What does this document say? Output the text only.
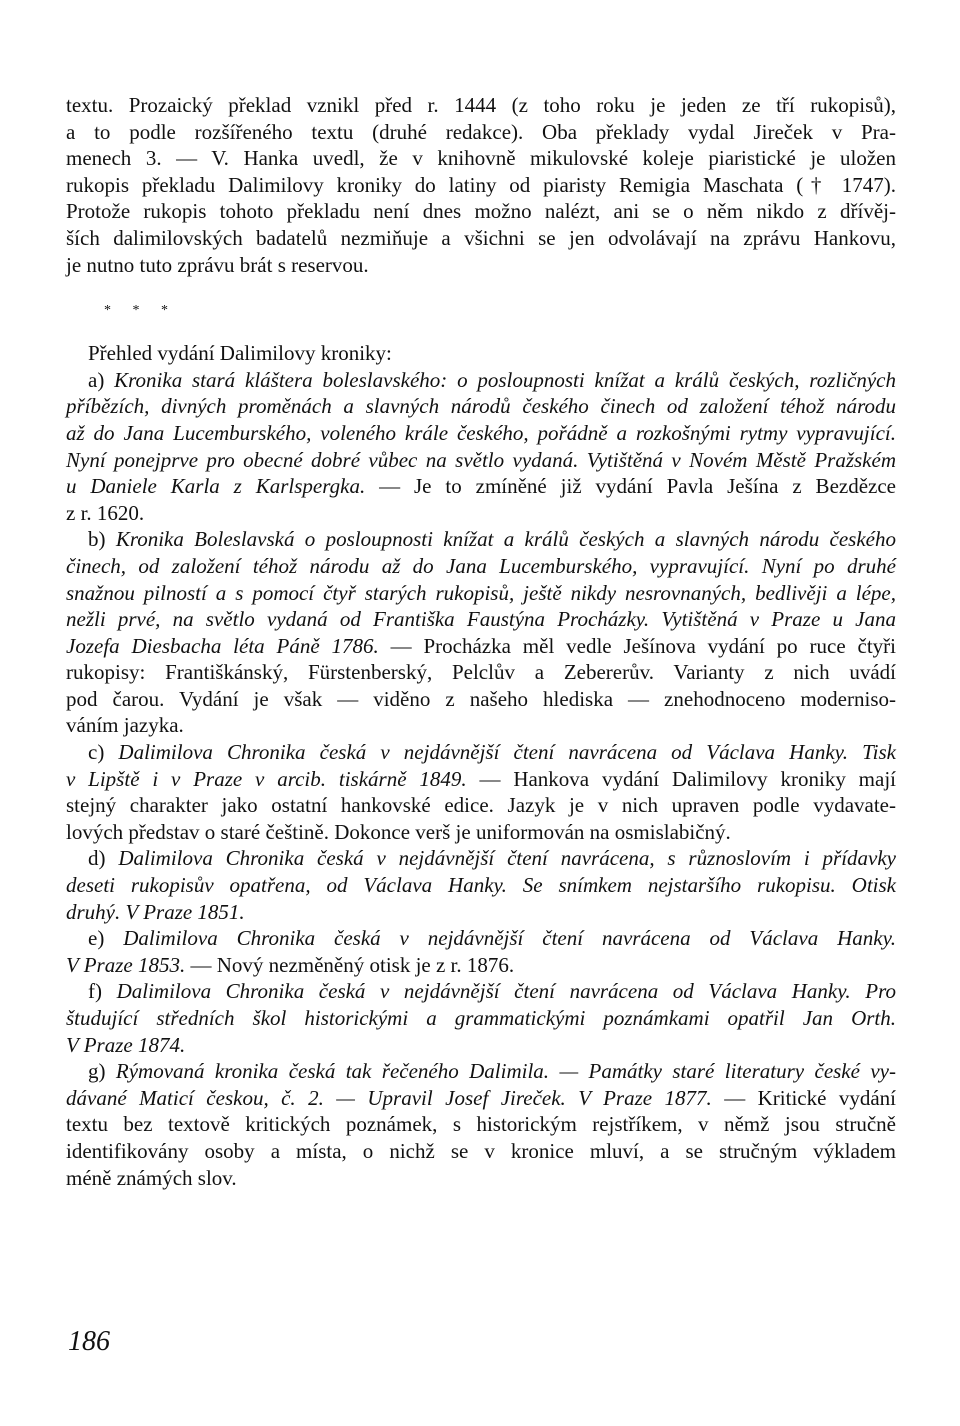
textu. Prozaický překlad vznikl před r. 1444 (z toho roku je jeden ze tří rukopisů),
a to podle rozšířeného textu (druhé redakce). Oba překlady vydal Jireček v Pra-
menech 3. — V. Hanka uvedl, že v knihovně mikulovské koleje piaristické je uložen
rukopis překladu Dalimilovy kroniky do latiny od piaristy Remigia Maschata († 1747).
Protože rukopis tohoto překladu není dnes možno nalézt, ani se o něm nikdo z dřívěj-
ších dalimilovských badatelů nezmiňuje a všichni se jen odvolávají na zprávu Hankovu,
je nutno tuto zprávu brát s reservou.
* * *
Přehled vydání Dalimilovy kroniky:
a) Kronika stará kláštera boleslavského: o posloupnosti knížat a králů českých, rozličných
příbězích, divných proměnách a slavných národů českého činech od založení téhož národu
až do Jana Lucemburského, voleného krále českého, pořádně a rozkošnými rytmy vypravující.
Nyní ponejprve pro obecné dobré vůbec na světlo vydaná. Vytištěná v Novém Městě Pražském
u Daniele Karla z Karlspergka. — Je to zmíněné již vydání Pavla Ješína z Bezdězce
z r. 1620.
b) Kronika Boleslavská o posloupnosti knížat a králů českých a slavných národu českého
činech, od založení téhož národu až do Jana Lucemburského, vypravující. Nyní po druhé
snažnou pilností a s pomocí čtyř starých rukopisů, ještě nikdy nesrovnaných, bedlivěji a lépe,
nežli prvé, na světlo vydaná od Františka Faustýna Procházky. Vytištěná v Praze u Jana
Jozefa Diesbacha léta Páně 1786. — Procházka měl vedle Ješínova vydání po ruce čtyři
rukopisy: Františkánský, Fürstenberský, Pelclův a Zebererův. Varianty z nich uvádí
pod čarou. Vydání je však — viděno z našeho hlediska — znehodnoceno moderniso-
váním jazyka.
c) Dalimilova Chronika česká v nejdávnější čtení navrácena od Václava Hanky. Tisk
v Lipště i v Praze v arcib. tiskárně 1849. — Hankova vydání Dalimilovy kroniky mají
stejný charakter jako ostatní hankovské edice. Jazyk je v nich upraven podle vydavate-
lových představ o staré češtině. Dokonce verš je uniformován na osmislabičný.
d) Dalimilova Chronika česká v nejdávnější čtení navrácena, s různoslovím i přídavky
deseti rukopisův opatřena, od Václava Hanky. Se snímkem nejstaršího rukopisu. Otisk
druhý. V Praze 1851.
e) Dalimilova Chronika česká v nejdávnější čtení navrácena od Václava Hanky.
V Praze 1853. — Nový nezměněný otisk je z r. 1876.
f) Dalimilova Chronika česká v nejdávnější čtení navrácena od Václava Hanky. Pro
študující středních škol historickými a grammatickými poznámkami opatřil Jan Orth.
V Praze 1874.
g) Rýmovaná kronika česká tak řečeného Dalimila. — Památky staré literatury české vy-
dávané Maticí českou, č. 2. — Upravil Josef Jireček. V Praze 1877. — Kritické vydání
textu bez textově kritických poznámek, s historickým rejstříkem, v němž jsou stručně
identifikovány osoby a místa, o nichž se v kronice mluví, a se stručným výkladem
méně známých slov.
186
